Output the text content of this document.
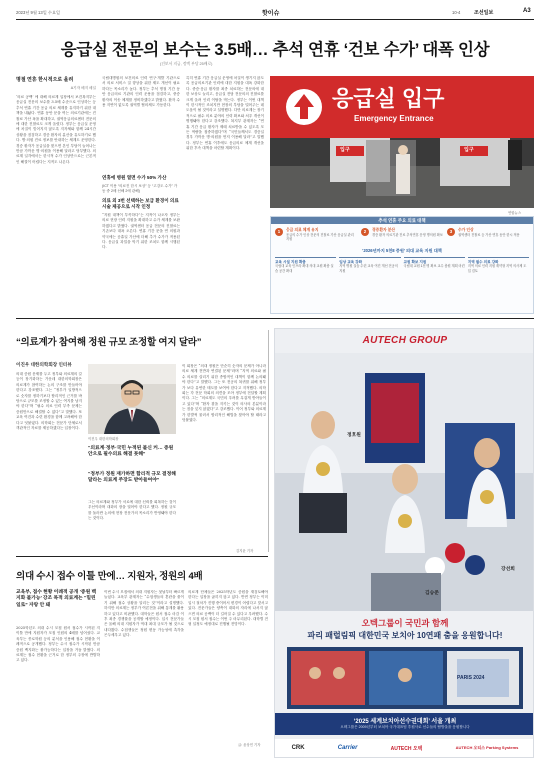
2023년 9월 13일 수요일	핫이슈	10-4	조선일보	A3
응급실 전문의 보수는 3.5배… 추석 연휴 ‘건보 수가’ 대폭 인상
(건보서 지급, 정액 부담 25배로)
명절 연휴 한시적으로 올려
A기자 배지 메일
‘의료 공백’ 에 대해 의료계 입장에서 보건복지부는 응급실 전문의 보수를 3.5배 수준으로 인상하는 등 추석 연휴 기간 응급 의료 체계를 유지하기 위한 대책을 내놨다. 연휴 동안 문을 여는 의료기관에는 진찰료 가산 폭을 확대하고, 권역응급의료센터 전문의에 대한 진찰료도 크게 올렸다. 정부는 응급실 운영에 차질이 빚어지지 않도록 지자체와 함께 24시간 상황을 점검하고 경증 환자의 분산을 유도하기로 했다. 병·의원 진료 정보를 안내하는 체계도 운영한다. 경증 환자가 응급실을 찾으면 본인 부담이 늘어나는 만큼 가까운 병·의원을 이용해 달라고 당부했다. 의료계 일각에서는 한시적 수가 인상만으로는 근본적인 해결이 어렵다는 지적도 나온다.
국립대병원의 보건의료 인력 연구·개발 기관으로서 의료 서비스 질 향상을 위한 제도 개선이 필요하다는 목소리가 높다. 정부는 추석 명절 기간 동안 응급의료 기관의 인력 운용을 점검하고, 중증 환자의 이송 체계를 정비하겠다고 밝혔다. 환자 수용 지연이 없도록 권역별 협의체도 가동한다.
연휴에 병원 열면 수가 50% 가산
(ICT 이용 “의료진 한시 보상” 등 “고강도 수가” 가동 중 2배 선해 2에 관해)
의료 외 3번 선택하는 보급 환경이 의료 시술 제공으로 시작 인정
“지원 대책이 부족하다”는 지적이 나오자 정부는 의료 현장 인력 지원을 확대하고 수가 체계를 보완하겠다고 밝혔다. 권역센터 응급 전문의 진찰료는 기존보다 대폭 오른다. 연휴 기간 문을 연 의원과 약국에는 공휴일 가산에 더해 추가 수가가 적용된다. 응급실 과밀을 막기 위한 조치도 함께 시행된다.
특히 연휴 기간 응급실 운영에 차질이 생기지 않도록 응급의료기관 인력에 대한 지원을 대폭 강화한다. 중증·응급 환자를 최종 치료하는 전문의에 대한 보상도 늘리고, 응급실 전담 전문의의 진찰료를 크게 올려 인력 이탈을 막는다. 정부는 이번 대책이 한시적인 조치지만 현장의 부담을 덜어주는 데 도움이 될 것이라고 설명했다. 다만 의료계는 장기적으로 필수 의료 분야의 인력 확보와 처우 개선이 병행돼야 한다고 강조했다. 복지부 관계자는 “연휴 기간 응급 환자가 제때 치료받을 수 있도록 모든 역량을 집중하겠다”며 “국민들께서도 경증일 경우 가까운 병·의원을 먼저 이용해 달라”고 말했다. 정부는 연휴 이후에도 응급의료 체계 개선을 위한 후속 대책을 마련할 계획이다.
응급실 입구
Emergency Entrance
입구	입구
연합뉴스
추석 연휴 주요 의료 대책
1	응급 의료 체계 유지
응급의 수가 인상 전문의 진찰료 가산 응급실 관리 지원
2	경증환자 분산
경증 환자 의료기관 진료 추석연휴 운영 병의원 확보
3	수가 인상
권역센터 진찰료 등 가산 연휴 동안 한시 적용
‘2026년까지 5천8 증원’ 의대 교육 지원 대책
교육 시설 지원 확충
국립대 교육 인프라 확대 의대 교원 확충 실습 공간 확대
임상 교육 강화
지역 병원 실습 수련 교육 여건 개선 전공의 지원
교원 확보 지원
국립대 교원 1천 명 확보 교수 충원 계획 마련
지역 필수 의료 강화
지역 의료 인력 지원 계약형 지역 의사제 도입 검토
“의료계가 참여해 정원 규모 조정할 여지 달라”
이진우 대한의학회장 인터뷰
의대 증원 문제를 두고 정부와 의료계의 갈등이 장기화하는 가운데 대한의학회장은 의료계가 참여하는 논의 구조를 만들어야 한다고 강조했다. 그는 “정부가 일방적으로 숫자를 정하기보다 합리적인 근거를 바탕으로 규모를 조정할 수 있는 여지를 남겨야 한다”며 “필수 의료 인력 부족 문제는 증원만으로 해결할 수 없다”고 말했다. 또 교육 여건과 수련 환경을 함께 고려해야 한다고 덧붙였다. 의학회는 전문가 단체로서 객관적인 자료를 제공하겠다는 입장이다.
이진우 대한의학회장
“의료계·정부·국민 누적된 불신 커… 증원안으로 필수의료 해결 못해”
“정부가 정원 재가하면 합리적 규모 결정해 달라는 의료계 주장도 받아들여야”
그는 의료계와 정부가 서로에 대한 신뢰를 회복하는 것이 우선이라며 대화의 장을 열어야 한다고 했다. 정원 규모를 둘러싼 논의에 현장 전문가의 목소리가 반영돼야 한다는 것이다.
이 회장은 “의대 정원은 단순히 숫자의 문제가 아니라 의료 체계 전반과 연결된 문제”라며 “지역 의료와 필수 의료를 살리기 위한 종합적인 대책이 함께 논의돼야 한다”고 말했다. 그는 또 전공의 복귀를 위해 정부가 보다 유연한 태도를 보여야 한다고 지적했다. 의학회는 각 전문 학회의 의견을 모아 정부에 전달할 계획이다. 그는 “의료계도 국민의 우려를 무겁게 받아들이고 있다”며 “환자 곁을 지키는 것이 의사의 본분이라는 점을 잊지 않겠다”고 강조했다. 이어 정부와 의료계가 한발씩 물러서 합리적인 해법을 찾아야 할 때라고 덧붙였다.
김지윤 기자
AUTECH GROUP
정호원
강선희
김승준
오텍그룹이 국민과 함께
파리 패럴림픽 대한민국 보치아 10연패 춤을 응원합니다!
PARIS 2024
‘2025 세계보치아선수권대회’ 서울 개최
오텍그룹은 2009년부터 보치아 국가대표팀 후원사로 선수들의 땀방울을 응원합니다
CRK	Carrier	AUTECH 오텍	AUTECH 오티스 Parking Systems
의대 수시 접수 이틀 만에… 지원자, 정원의 4배
교육부, 접수 현황 이례적 공개 ‘증원 백지화 불가능’ 강조 목적 의료계는 “밀린 일로” 자랑 안 돼
2025학년도 의대 수시 모집 원서 접수가 시작된 지 이틀 만에 지원자가 모집 인원의 4배를 넘어섰다. 교육부는 종로학원 등의 분석을 인용해 접수 현황을 이례적으로 공개했다. 정부는 수시 접수가 시작된 만큼 증원 백지화는 불가능하다는 입장을 거듭 밝혔다. 의료계는 접수 현황을 근거로 한 정부의 주장에 반발하고 있다.
이번 수시 모집에서 의대 지원자는 첫날부터 빠르게 늘었다. 교육부 관계자는 “수험생들의 혼란을 줄이기 위해 접수 상황을 알리는 것”이라고 설명했다. 하지만 의료계는 정부가 여론전을 위해 통계를 활용하고 있다고 비판했다. 대학들은 원서 접수 마감 이후 최종 경쟁률을 공개할 예정이다. 입시 전문가들은 올해 의대 지원자가 역대 최대 규모가 될 것으로 내다봤다. 수험생들은 정원 변동 가능성에 촉각을 곤두세우고 있다.
의료계 단체들은 2025학년도 증원을 재검토해야 한다는 입장을 굽히지 않고 있다. 반면 정부는 이미 입시 절차가 진행 중이어서 변경이 어렵다고 맞서고 있다. 전문가들은 양측이 대화의 자리에 나서지 않으면 의료 공백이 더 길어질 수 있다고 우려했다. 수시 모집 원서 접수는 이번 주 마무리된다. 대학별 전형 일정도 예정대로 진행될 전망이다.
글: 윤상민 기자
